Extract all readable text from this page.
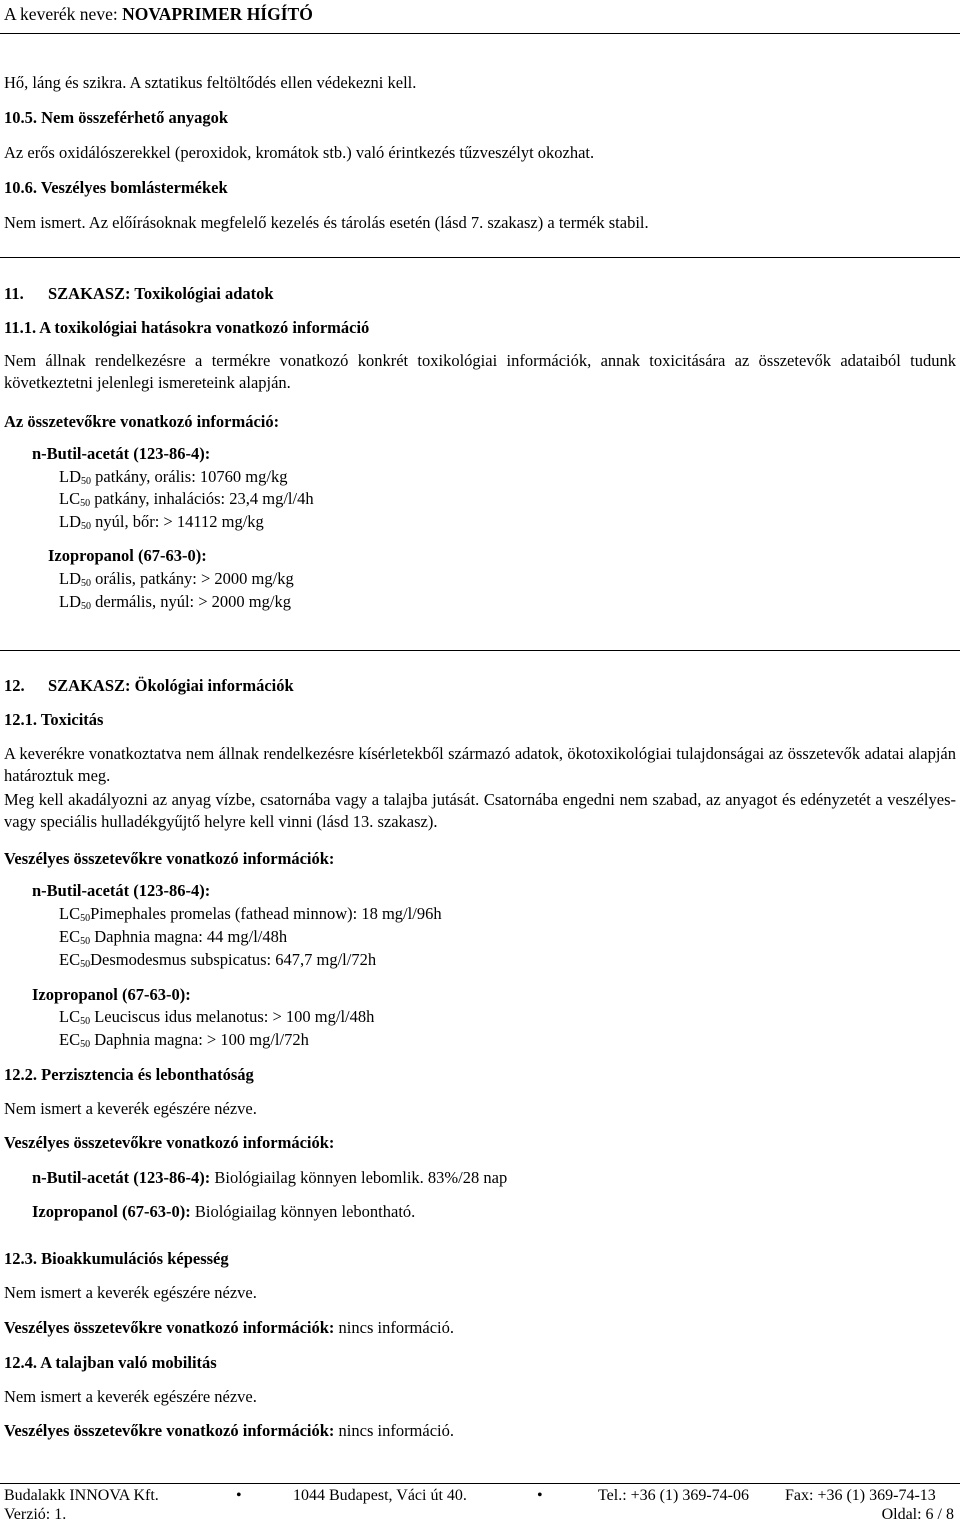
A keverék neve: NOVAPRIMER HÍGÍTÓ
Hő, láng és szikra. A sztatikus feltöltődés ellen védekezni kell.
10.5. Nem összeférhető anyagok
Az erős oxidálószerekkel (peroxidok, kromátok stb.) való érintkezés tűzveszélyt okozhat.
10.6. Veszélyes bomlástermékek
Nem ismert. Az előírásoknak megfelelő kezelés és tárolás esetén (lásd 7. szakasz) a termék stabil.
11. SZAKASZ: Toxikológiai adatok
11.1. A toxikológiai hatásokra vonatkozó információ
Nem állnak rendelkezésre a termékre vonatkozó konkrét toxikológiai információk, annak toxicitására az összetevők adataiból tudunk következtetni jelenlegi ismereteink alapján.
Az összetevőkre vonatkozó információ:
n-Butil-acetát (123-86-4):
$LD_{50}$ patkány, orális: 10760 mg/kg
$LC_{50}$ patkány, inhalációs: 23,4 mg/l/4h
$LD_{50}$ nyúl, bőr: > 14112 mg/kg
Izopropanol (67-63-0):
$LD_{50}$ orális, patkány: > 2000 mg/kg
$LD_{50}$ dermális, nyúl: > 2000 mg/kg
12. SZAKASZ: Ökológiai információk
12.1. Toxicitás
A keverékre vonatkoztatva nem állnak rendelkezésre kísérletekből származó adatok, ökotoxikológiai tulajdonságai az összetevők adatai alapján határoztuk meg.
Meg kell akadályozni az anyag vízbe, csatornába vagy a talajba jutását. Csatornába engedni nem szabad, az anyagot és edényzetét a veszélyes- vagy speciális hulladékgyűjtő helyre kell vinni (lásd 13. szakasz).
Veszélyes összetevőkre vonatkozó információk:
n-Butil-acetát (123-86-4):
$LC_{50}Pimephales$ promelas (fathead minnow): 18 mg/l/96h
$EC_{50}$ Daphnia magna: 44 mg/l/48h
$EC_{50}Desmodesmus$ subspicatus: 647,7 mg/l/72h
Izopropanol (67-63-0):
$LC_{50}$ Leuciscus idus melanotus: > 100 mg/l/48h
$EC_{50}$ Daphnia magna: > 100 mg/l/72h
12.2. Perzisztencia és lebonthatóság
Nem ismert a keverék egészére nézve.
Veszélyes összetevőkre vonatkozó információk:
n-Butil-acetát (123-86-4): Biológiailag könnyen lebomlik. 83%/28 nap
Izopropanol (67-63-0): Biológiailag könnyen lebontható.
12.3. Bioakkumulációs képesség
Nem ismert a keverék egészére nézve.
Veszélyes összetevőkre vonatkozó információk: nincs információ.
12.4. A talajban való mobilitás
Nem ismert a keverék egészére nézve.
Veszélyes összetevőkre vonatkozó információk: nincs információ.
Budalakk INNOVA Kft.	•	1044 Budapest, Váci út 40.	•	Tel.: +36 (1) 369-74-06 Fax: +36 (1) 369-74-13
Verzió: 1.	Oldal: 6 / 8
